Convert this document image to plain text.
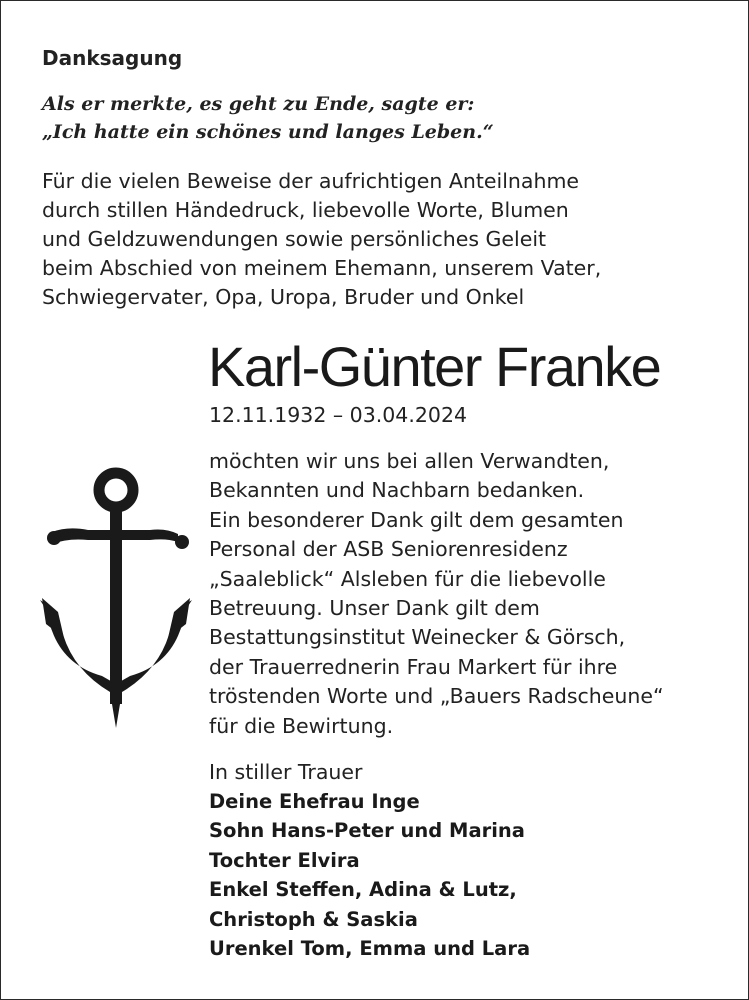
Danksagung
Als er merkte, es geht zu Ende, sagte er:
„Ich hatte ein schönes und langes Leben.“
Für die vielen Beweise der aufrichtigen Anteilnahme
durch stillen Händedruck, liebevolle Worte, Blumen
und Geldzuwendungen sowie persönliches Geleit
beim Abschied von meinem Ehemann, unserem Vater,
Schwiegervater, Opa, Uropa, Bruder und Onkel
Karl-Günter Franke
12.11.1932 – 03.04.2024
möchten wir uns bei allen Verwandten,
Bekannten und Nachbarn bedanken.
Ein besonderer Dank gilt dem gesamten
Personal der ASB Seniorenresidenz
„Saaleblick“ Alsleben für die liebevolle
Betreuung. Unser Dank gilt dem
Bestattungsinstitut Weinecker & Görsch,
der Trauerrednerin Frau Markert für ihre
tröstenden Worte und „Bauers Radscheune“
für die Bewirtung.
In stiller Trauer
Deine Ehefrau Inge
Sohn Hans-Peter und Marina
Tochter Elvira
Enkel Steffen, Adina & Lutz,
Christoph & Saskia
Urenkel Tom, Emma und Lara
